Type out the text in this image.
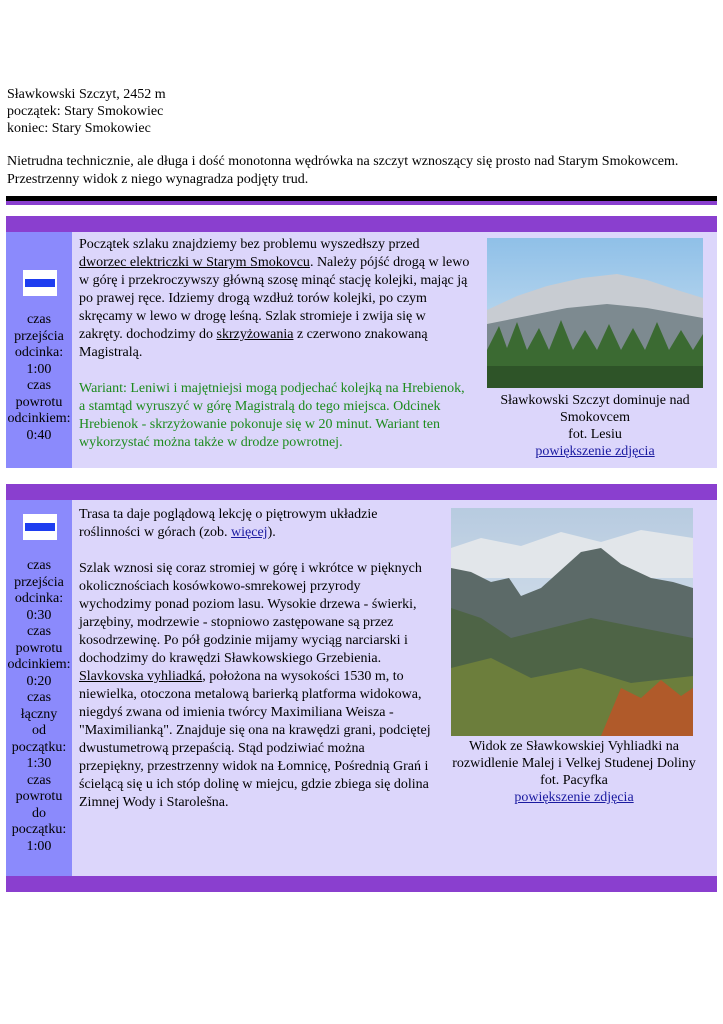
Sławkowski Szczyt, 2452 m
początek: Stary Smokowiec
koniec: Stary Smokowiec
Nietrudna technicznie, ale długa i dość monotonna wędrówka na szczyt wznoszący się prosto nad Starym Smokowcem.
Przestrzenny widok z niego wynagradza podjęty trud.
czas
przejścia
odcinka:
1:00
czas
powrotu
odcinkiem:
0:40

Początek szlaku znajdziemy bez problemu wyszedłszy przed
dworzec elektriczki w Starym Smokovcu. Należy pójść drogą w lewo w górę i przekroczywszy główną szosę minąć stację kolejki, mając ją po prawej ręce. Idziemy drogą wzdłuż torów kolejki, po czym skręcamy w lewo w drogę leśną. Szlak stromieje i zwija się w zakręty. dochodzimy do skrzyżowania z czerwono znakowaną Magistralą.

Wariant: Leniwi i majętniejsi mogą podjechać kolejką na Hrebienok, a stamtąd wyruszyć w górę Magistralą do tego miejsca. Odcinek Hrebienok - skrzyżowanie pokonuje się w 20 minut. Wariant ten wykorzystać można także w drodze powrotnej.

Sławkowski Szczyt dominuje nad
Smokovcem
fot. Lesiu
powiększenie zdjęcia
czas
przejścia
odcinka:
0:30
czas
powrotu
odcinkiem:
0:20
czas
łączny
od
początku:
1:30
czas
powrotu
do
początku:
1:00

Trasa ta daje poglądową lekcję o piętrowym układzie roślinności w górach (zob. więcej).

Szlak wznosi się coraz stromiej w górę i wkrótce w pięknych okolicznościach kosówkowo-smrekowej przyrody wychodzimy ponad poziom lasu. Wysokie drzewa - świerki, jarzębiny, modrzewie - stopniowo zastępowane są przez kosodrzewinę. Po pół godzinie mijamy wyciąg narciarski i dochodzimy do krawędzi Sławkowskiego Grzebienia. Slavkovska vyhliadká, położona na wysokości 1530 m, to niewielka, otoczona metalową barierką platforma widokowa, niegdyś zwana od imienia twórcy Maximiliana Weisza - "Maximilianką". Znajduje się ona na krawędzi grani, podciętej dwustumetrową przepaścią. Stąd podziwiać można przepiękny, przestrzenny widok na Łomnicę, Pośrednią Grań i ścielącą się u ich stóp dolinę w miejcu, gdzie zbiega się dolina Zimnej Wody i Starolešna.

Widok ze Sławkowskiej Vyhliadki na
rozwidlenie Malej i Velkej Studenej Doliny
fot. Pacyfka
powiększenie zdjęcia
